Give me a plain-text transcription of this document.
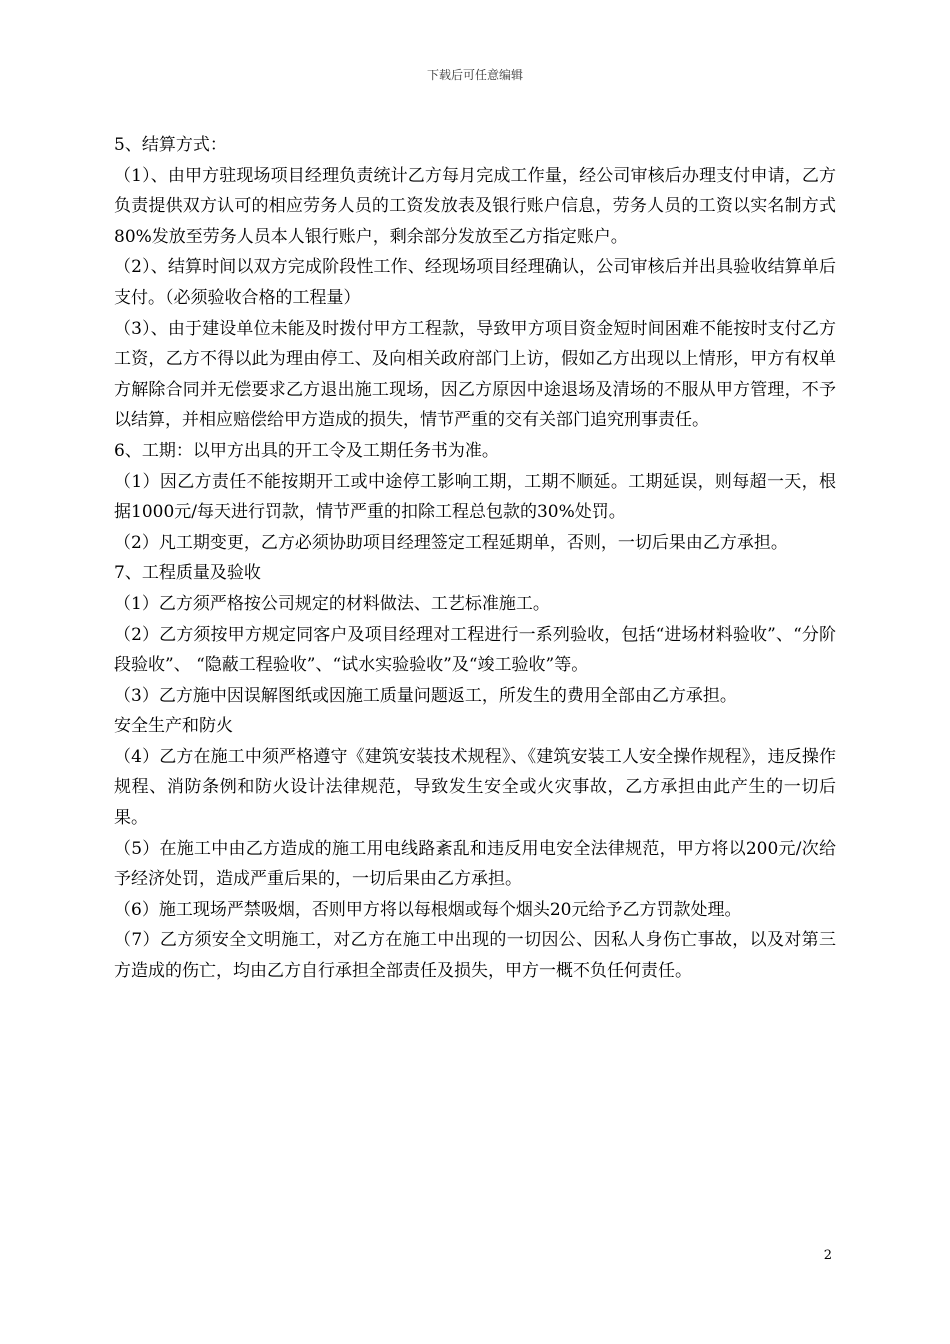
下载后可任意编辑

5、结算方式：

（1）、由甲方驻现场项目经理负责统计乙方每月完成工作量，经公司审核后办理支付申请，乙方负责提供双方认可的相应劳务人员的工资发放表及银行账户信息，劳务人员的工资以实名制方式80%发放至劳务人员本人银行账户，剩余部分发放至乙方指定账户。

（2）、结算时间以双方完成阶段性工作、经现场项目经理确认，公司审核后并出具验收结算单后支付。（必须验收合格的工程量）

（3）、由于建设单位未能及时拨付甲方工程款，导致甲方项目资金短时间困难不能按时支付乙方工资，乙方不得以此为理由停工、及向相关政府部门上访，假如乙方出现以上情形，甲方有权单方解除合同并无偿要求乙方退出施工现场，因乙方原因中途退场及清场的不服从甲方管理，不予以结算，并相应赔偿给甲方造成的损失，情节严重的交有关部门追究刑事责任。

6、工期：以甲方出具的开工令及工期任务书为准。

（1）因乙方责任不能按期开工或中途停工影响工期，工期不顺延。工期延误，则每超一天，根据1000元/每天进行罚款，情节严重的扣除工程总包款的30%处罚。

（2）凡工期变更，乙方必须协助项目经理签定工程延期单，否则，一切后果由乙方承担。

7、工程质量及验收

（1）乙方须严格按公司规定的材料做法、工艺标准施工。

（2）乙方须按甲方规定同客户及项目经理对工程进行一系列验收，包括“进场材料验收”、“分阶段验收”、 “隐蔽工程验收”、“试水实验验收”及“竣工验收”等。

（3）乙方施中因误解图纸或因施工质量问题返工，所发生的费用全部由乙方承担。

安全生产和防火

（4）乙方在施工中须严格遵守《建筑安装技术规程》、《建筑安装工人安全操作规程》，违反操作规程、消防条例和防火设计法律规范，导致发生安全或火灾事故，乙方承担由此产生的一切后果。

（5）在施工中由乙方造成的施工用电线路紊乱和违反用电安全法律规范，甲方将以200元/次给予经济处罚，造成严重后果的，一切后果由乙方承担。

（6）施工现场严禁吸烟，否则甲方将以每根烟或每个烟头20元给予乙方罚款处理。

（7）乙方须安全文明施工，对乙方在施工中出现的一切因公、因私人身伤亡事故，以及对第三方造成的伤亡，均由乙方自行承担全部责任及损失，甲方一概不负任何责任。

2
